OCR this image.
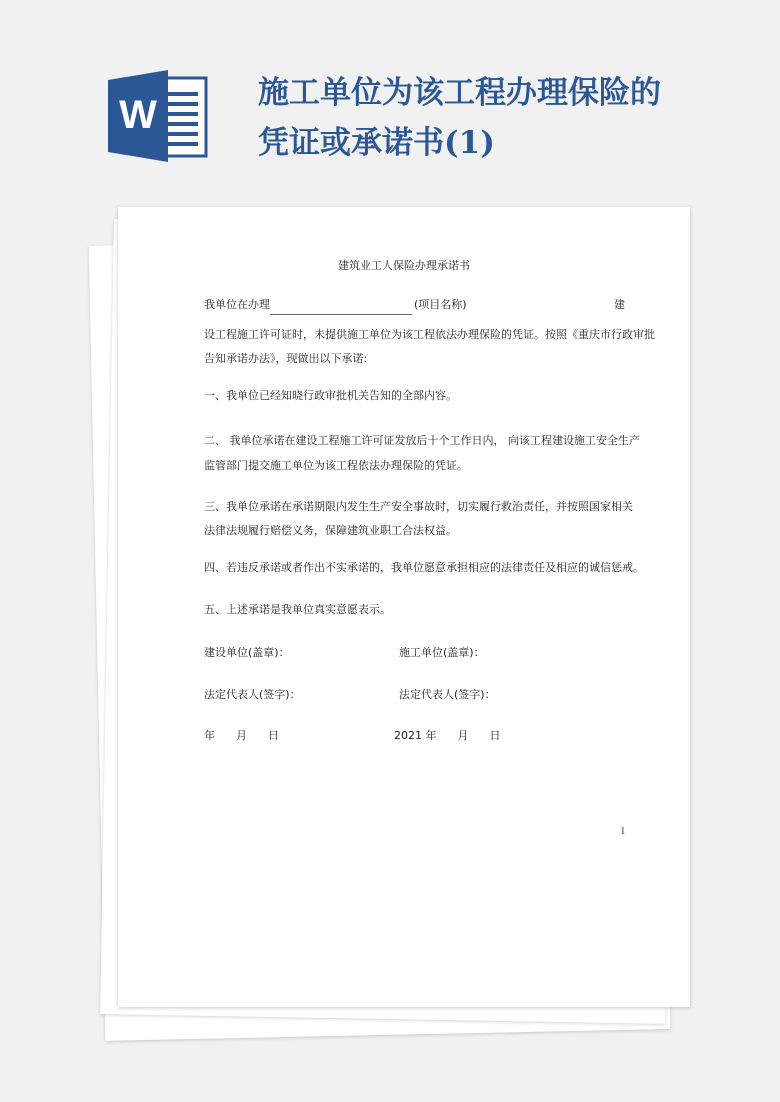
W	施工单位为该工程办理保险的
凭证或承诺书(1)
建筑业工人保险办理承诺书
我单位在办理	(项目名称)	建
设工程施工许可证时，未提供施工单位为该工程依法办理保险的凭证。按照《重庆市行政审批
告知承诺办法》，现做出以下承诺:
一、我单位已经知晓行政审批机关告知的全部内容。
二、 我单位承诺在建设工程施工许可证发放后十个工作日内， 向该工程建设施工安全生产
监管部门提交施工单位为该工程依法办理保险的凭证。
三、我单位承诺在承诺期限内发生生产安全事故时，切实履行救治责任，并按照国家相关
法律法规履行赔偿义务，保障建筑业职工合法权益。
四、若违反承诺或者作出不实承诺的，我单位愿意承担相应的法律责任及相应的诚信惩戒。
五、上述承诺是我单位真实意愿表示。
建设单位(盖章)：	施工单位(盖章)：
法定代表人(签字)：	法定代表人(签字)：
年      月      日	2021 年      月      日
1
